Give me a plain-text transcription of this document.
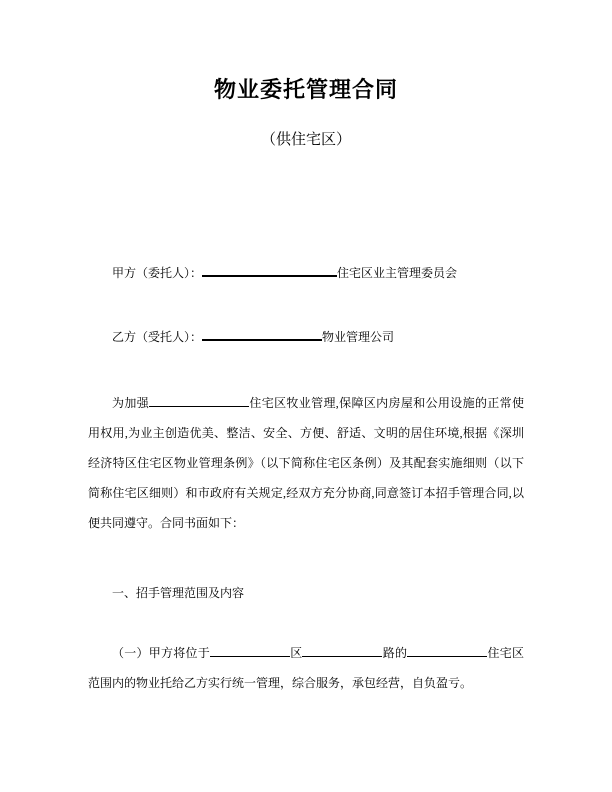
物业委托管理合同
（供住宅区）

甲方（委托人）：	住宅区业主管理委员会

乙方（受托人）：	物业管理公司

为加强	住宅区牧业管理,保障区内房屋和公用设施的正常使用权用,为业主创造优美、整洁、安全、方便、舒适、文明的居住环境,根据《深圳经济特区住宅区物业管理条例》（以下简称住宅区条例）及其配套实施细则（以下简称住宅区细则）和市政府有关规定,经双方充分协商,同意签订本招手管理合同,以便共同遵守。合同书面如下：

一、招手管理范围及内容

（一）甲方将位于	区	路的	住宅区范围内的物业托给乙方实行统一管理，综合服务，承包经营，自负盈亏。
